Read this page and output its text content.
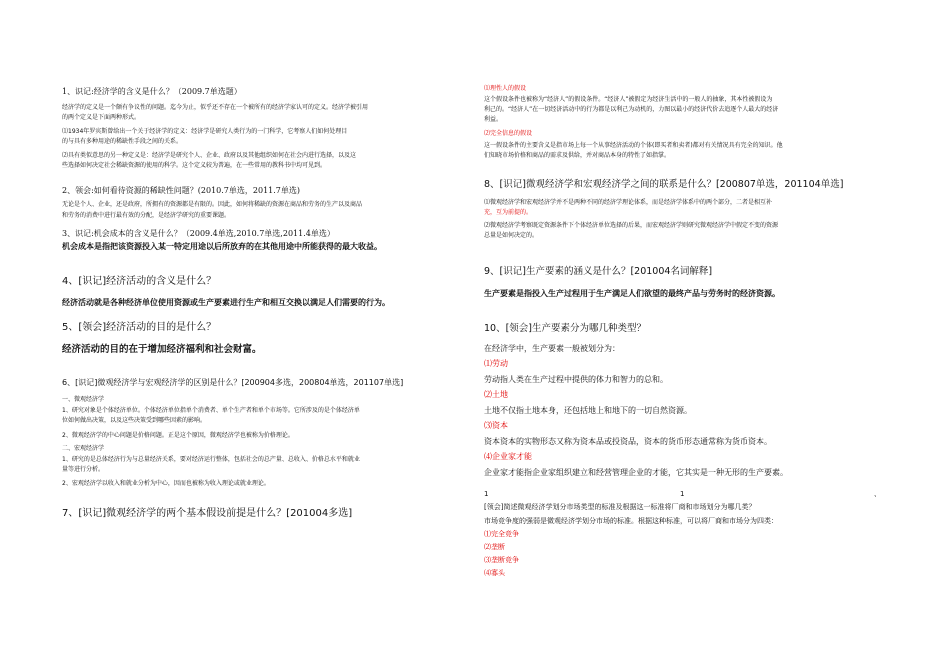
1、识记:经济学的含义是什么？（2009.7单选题）
经济学的定义是一个颇有争议性的问题。迄今为止，似乎还不存在一个被所有的经济学家认可的定义。经济学被引用
的两个定义是下面两种形式。
⑴1934年罗宾斯曾给出一个关于经济学的定义：经济学是研究人类行为的一门科学，它考察人们如何处理目
的与具有多种用途的稀缺性手段之间的关系。
⑵具有类似意思的另一种定义是：经济学是研究个人、企业、政府以及其他组织如何在社会内进行选择，以及这
些选择如何决定社会稀缺资源的使用的科学。这个定义较为普遍，在一些常用的教科书中均可见到。
2、领会:如何看待资源的稀缺性问题？(2010.7单选，2011.7单选)
无论是个人、企业，还是政府，所拥有的资源都是有限的。因此，如何将稀缺的资源在商品和劳务的生产以及商品
和劳务的消费中进行最有效的分配，是经济学研究的重要课题。
3、识记:机会成本的含义是什么？（2009.4单选,2010.7单选,2011.4单选）
机会成本是指把该资源投入某一特定用途以后所放弃的在其他用途中所能获得的最大收益。
4、[识记]经济活动的含义是什么？
经济活动就是各种经济单位使用资源或生产要素进行生产和相互交换以满足人们需要的行为。
5、[领会]经济活动的目的是什么？
经济活动的目的在于增加经济福利和社会财富。
6、[识记]微观经济学与宏观经济学的区别是什么？[200904多选，200804单选，201107单选]
一、微观经济学
1、研究对象是个体经济单位。个体经济单位指单个消费者、单个生产者和单个市场等。它所涉及的是个体经济单
位如何做出决策，以及这些决策受到哪些因素的影响。
2、微观经济学的中心问题是价格问题。正是这个原因，微观经济学也被称为价格理论。
二、宏观经济学
1、研究的是总体经济行为与总量经济关系，要对经济运行整体，包括社会的总产量、总收入、价格总水平和就业
量等进行分析。
2、宏观经济学以收入和就业分析为中心，因而也被称为收入理论或就业理论。
7、[识记]微观经济学的两个基本假设前提是什么？[201004多选]
⑴理性人的假设
这个假设条件也被称为“经济人”的假设条件。“经济人”被假定为经济生活中的一般人的抽象，其本性被假设为
利己的。“经济人”在一切经济活动中的行为都是以利己为动机的，力图以最小的经济代价去追逐个人最大的经济
利益。
⑵完全信息的假设
这一假设条件的主要含义是指市场上每一个从事经济活动的个体(即买者和卖者)都对有关情况具有完全的知识。他
们知晓市场价格和商品的需求及供给，并对商品本身的特性了如指掌。
8、[识记]微观经济学和宏观经济学之间的联系是什么？[200807单选，201104单选]
⑴微观经济学和宏观经济学并不是两种不同的经济学理论体系，而是经济学体系中的两个部分，二者是相互补
充，互为前提的。
⑵微观经济学考察既定资源条件下个体经济单位选择的后果，而宏观经济学则研究微观经济学中假定不变的资源
总量是如何决定的。
9、[识记]生产要素的涵义是什么？[201004名词解释]
生产要素是指投入生产过程用于生产满足人们欲望的最终产品与劳务时的经济资源。
10、[领会]生产要素分为哪几种类型？
在经济学中，生产要素一般被划分为：
⑴劳动
劳动指人类在生产过程中提供的体力和智力的总和。
⑵土地
土地不仅指土地本身，还包括地上和地下的一切自然资源。
⑶资本
资本资本的实物形态又称为资本品或投资品，资本的货币形态通常称为货币资本。
⑷企业家才能
企业家才能指企业家组织建立和经营管理企业的才能，它其实是一种无形的生产要素。
1	1	、
[领会]简述微观经济学划分市场类型的标准及根据这一标准将厂商和市场划分为哪几类？
市场竞争度的强弱是微观经济学划分市场的标准。根据这种标准，可以将厂商和市场分为四类：
⑴完全竞争
⑵垄断
⑶垄断竞争
⑷寡头
